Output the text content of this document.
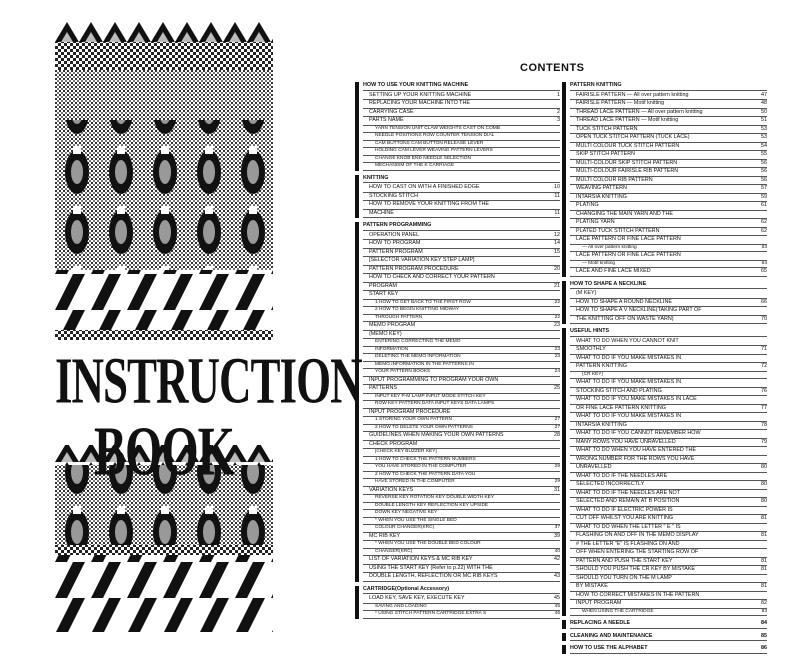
INSTRUCTION
BOOK
CONTENTS
HOW TO USE YOUR KNITTING MACHINE
SETTING UP YOUR KNITTING MACHINE	1
REPLACING YOUR MACHINE INTO THE
CARRYING CASE	2
PARTS NAME	3
YARN TENSION UNIT CLAW WEIGHTS CAST ON COMB
NEEDLE POSITIONS ROW COUNTER TENSION DIAL
CAM BUTTONS CAM BUTTON RELEASE LEVER
HOLDING CAM LEVER WEAVING PATTERN LEVERS
CHANGE KNOB END NEEDLE SELECTION
MECHANISM OF THE K CARRIAGE
KNITTING
HOW TO CAST ON WITH A FINISHED EDGE	10
STOCKING STITCH	11
HOW TO REMOVE YOUR KNITTING FROM THE
MACHINE	11
PATTERN PROGRAMMING
OPERATION PANEL	12
HOW TO PROGRAM	14
PATTERN PROGRAM	15
[SELECTOR VARIATION KEY STEP LAMP]
PATTERN PROGRAM PROCEDURE	20
HOW TO CHECK AND CORRECT YOUR PATTERN
PROGRAM	21
START KEY
1 HOW TO GET BACK TO THE FIRST ROW	22
2 HOW TO BEGIN KNITTING MIDWAY
THROUGH PATTERN	22
MEMO PROGRAM	23
(MEMO KEY)
ENTERING CORRECTING THE MEMO
INFORMATION	23
DELETING THE MEMO INFORMATION	23
MEMO INFORMATION IN THE PATTERNS IN
YOUR PATTERN BOOKS	24
INPUT PROGRAMMING TO PROGRAM YOUR OWN
PATTERNS	25
INPUT KEY P-M LAMP INPUT MODE STITCH KEY
ROW KEY PATTERN DATA INPUT KEYS DATA LAMPS
INPUT PROGRAM PROCEDURE
1 STORING YOUR OWN PATTERN	27
2 HOW TO DELETE YOUR OWN PATTERNS	27
GUIDELINES WHEN MAKING YOUR OWN PATTERNS	28
CHECK PROGRAM
[CHECK KEY BUZZER KEY]
1 HOW TO CHECK THE PATTERN NUMBERS
YOU HAVE STORED IN THE COMPUTER	29
2 HOW TO CHECK THE PATTERN DATA YOU
HAVE STORED IN THE COMPUTER	29
VARIATION KEYS	31
REVERSE KEY ROTATION KEY DOUBLE WIDTH KEY
DOUBLE LENGTH KEY REFLECTION KEY UPSIDE
DOWN KEY NEGATIVE KEY
* WHEN YOU USE THE SINGLE BED
COLOUR CHANGER(KRC)	37
MC RIB KEY	39
* WHEN YOU USE THE DOUBLE BED COLOUR
CHANGER(KRC)	40
LIST OF VARIATION KEYS & MC RIB KEY	42
USING THE START KEY (Refer to p.22) WITH THE
DOUBLE LENGTH, REFLECTION OR MC RIB KEYS	43
CARTRIDGE(Optional Accessory)
LOAD KEY, SAVE KEY, EXECUTE KEY	45
SAVING AND LOADING	45
* USING STITCH PATTERN CARTRIDGE EXTRA S	46
PATTERN KNITTING
FAIRISLE PATTERN — All over pattern knitting	47
FAIRISLE PATTERN — Motif knitting	48
THREAD LACE PATTERN — All over pattern knitting	50
THREAD LACE PATTERN — Motif knitting	51
TUCK STITCH PATTERN	53
OPEN TUCK STITCH PATTERN (TUCK LACE)	53
MULTI COLOUR TUCK STITCH PATTERN	54
SKIP STITCH PATTERN	55
MULTI-COLOUR SKIP STITCH PATTERN	56
MULTI-COLOUR FAIRISLE RIB PATTERN	56
MULTI COLOUR RIB PATTERN	56
WEAVING PATTERN	57
INTARSIA KNITTING	59
PLATING	61
CHANGING THE MAIN YARN AND THE
PLATING YARN	62
PLATED TUCK STITCH PATTERN	62
LACE PATTERN OR FINE LACE PATTERN
— All over pattern knitting	63
LACE PATTERN OR FINE LACE PATTERN
— Motif knitting	64
LACE AND FINE LACE MIXED	65
HOW TO SHAPE A NECKLINE
(M KEY)
HOW TO SHAPE A ROUND NECKLINE	66
HOW TO SHAPE A V NECKLINE(TAKING PART OF
THE KNITTING OFF ON WASTE YARN)	70
USEFUL HINTS
WHAT TO DO WHEN YOU CANNOT KNIT
SMOOTHLY	71
WHAT TO DO IF YOU MAKE MISTAKES IN
PATTERN KNITTING	72
(CR KEY)
WHAT TO DO IF YOU MAKE MISTAKES IN
STOCKING STITCH AND PLATING	76
WHAT TO DO IF YOU MAKE MISTAKES IN LACE
OR FINE LACE PATTERN KNITTING	77
WHAT TO DO IF YOU MAKE MISTAKES IN
INTARSIA KNITTING	78
WHAT TO DO IF YOU CANNOT REMEMBER HOW
MANY ROWS YOU HAVE UNRAVELLED	79
WHAT TO DO WHEN YOU HAVE ENTERED THE
WRONG NUMBER FOR THE ROWS YOU HAVE
UNRAVELLED	80
WHAT TO DO IF THE NEEDLES ARE
SELECTED INCORRECTLY	80
WHAT TO DO IF THE NEEDLES ARE NOT
SELECTED AND REMAIN AT B POSITION	80
WHAT TO DO IF ELECTRIC POWER IS
CUT OFF WHILST YOU ARE KNITTING	81
WHAT TO DO WHEN THE LETTER " E " IS
FLASHING ON AND OFF IN THE MEMO DISPLAY	81
# THE LETTER "E" IS FLASHING ON AND
OFF WHEN ENTERING THE STARTING ROW OF
PATTERN AND PUSH THE START KEY	81
SHOULD YOU PUSH THE CR KEY BY MISTAKE	81
SHOULD YOU TURN ON THE M LAMP
BY MISTAKE	81
HOW TO CORRECT MISTAKES IN THE PATTERN
INPUT PROGRAM	82
WHEN USING THE CARTRIDGE	83
REPLACING A NEEDLE	84
CLEANING AND MAINTENANCE	85
HOW TO USE THE ALPHABET	86
